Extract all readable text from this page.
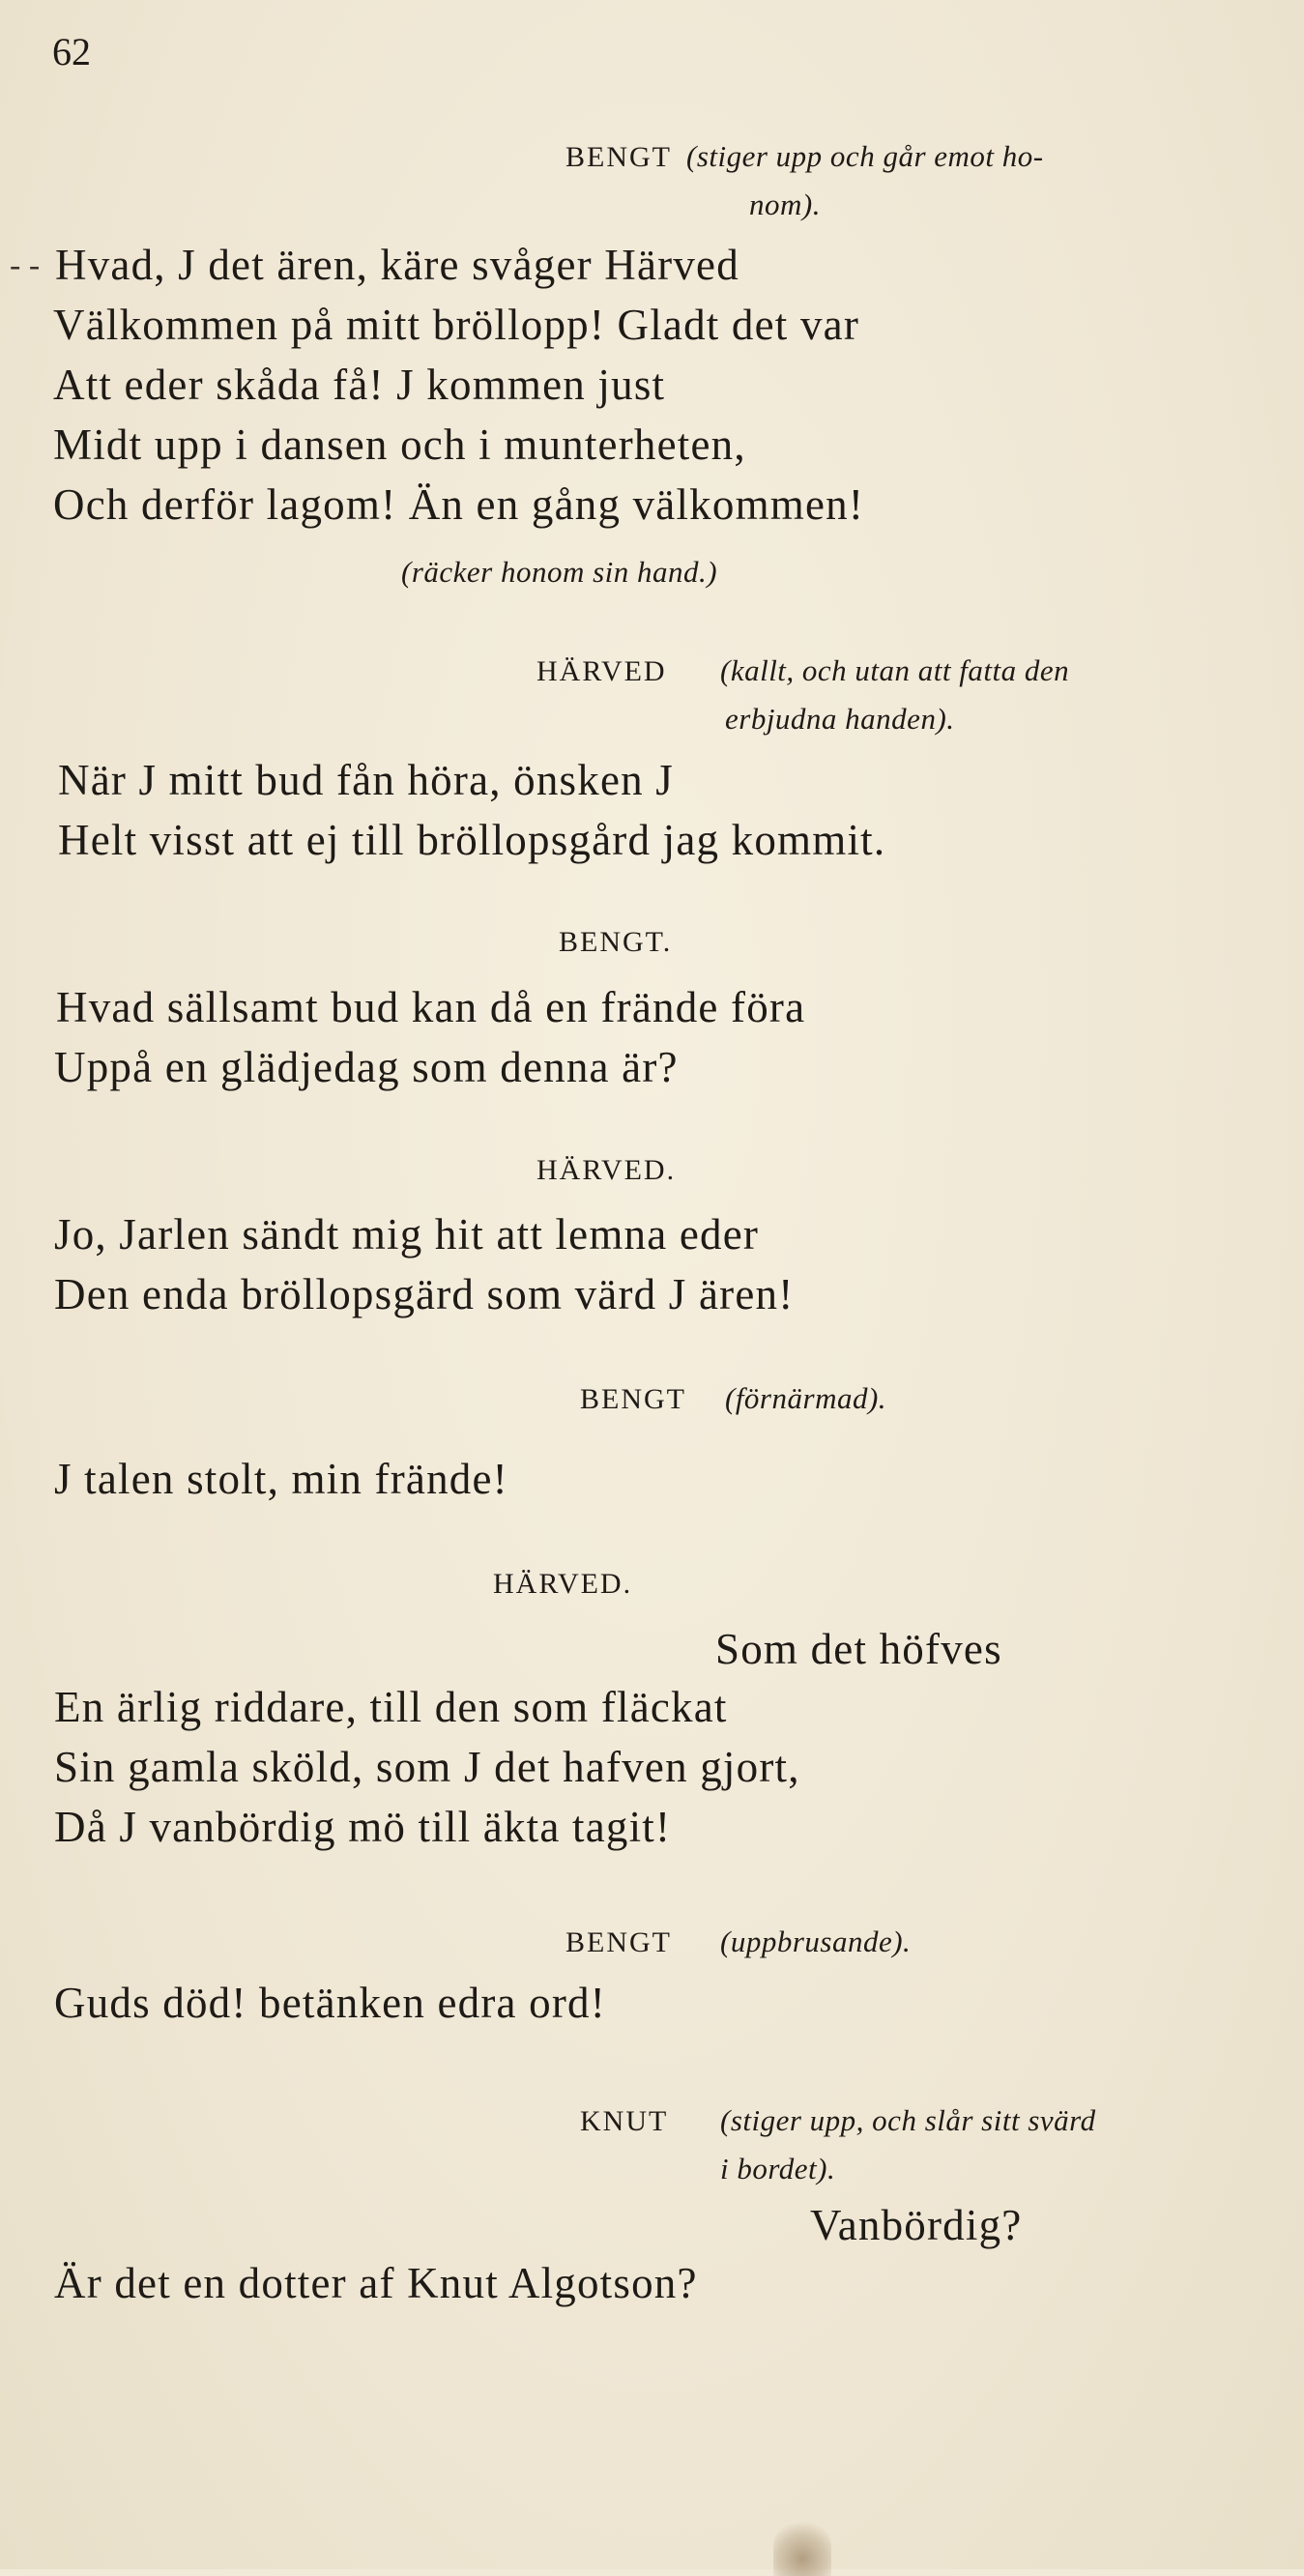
62
BENGT (stiger upp och går emot ho-
nom).
- - Hvad, J det ären, käre svåger Härved
Välkommen på mitt bröllopp! Gladt det var
Att eder skåda få! J kommen just
Midt upp i dansen och i munterheten,
Och derför lagom! Än en gång välkommen!
(räcker honom sin hand.)
HÄRVED (kallt, och utan att fatta den
erbjudna handen).
När J mitt bud fån höra, önsken J
Helt visst att ej till bröllopsgård jag kommit.
BENGT.
Hvad sällsamt bud kan då en frände föra
Uppå en glädjedag som denna är?
HÄRVED.
Jo, Jarlen sändt mig hit att lemna eder
Den enda bröllopsgärd som värd J ären!
BENGT (förnärmad).
J talen stolt, min frände!
HÄRVED.
Som det höfves
En ärlig riddare, till den som fläckat
Sin gamla sköld, som J det hafven gjort,
Då J vanbördig mö till äkta tagit!
BENGT (uppbrusande).
Guds död! betänken edra ord!
KNUT (stiger upp, och slår sitt svärd
i bordet).
Vanbördig?
Är det en dotter af Knut Algotson?
